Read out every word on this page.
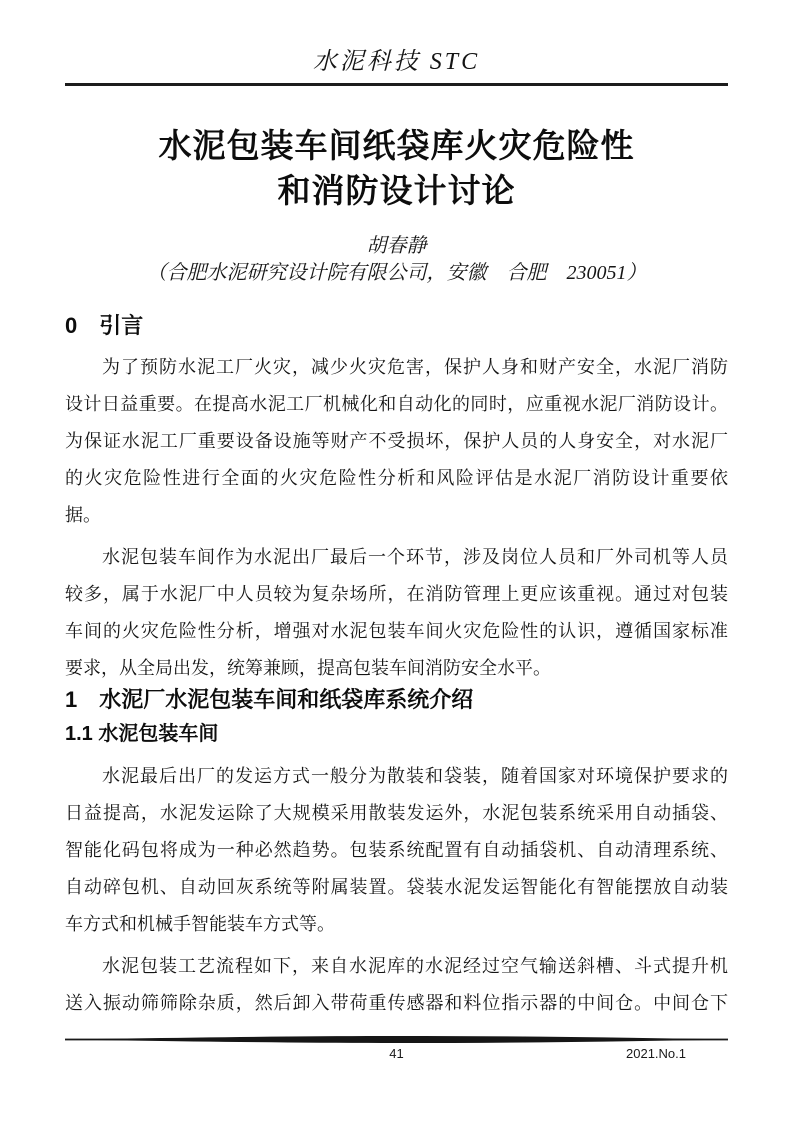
水泥科技 STC
水泥包装车间纸袋库火灾危险性
和消防设计讨论
胡春静
（合肥水泥研究设计院有限公司，安徽　合肥　230051）
0　引言
为了预防水泥工厂火灾，减少火灾危害，保护人身和财产安全，水泥厂消防
设计日益重要。在提高水泥工厂机械化和自动化的同时，应重视水泥厂消防设计。
为保证水泥工厂重要设备设施等财产不受损坏，保护人员的人身安全，对水泥厂
的火灾危险性进行全面的火灾危险性分析和风险评估是水泥厂消防设计重要依
据。
水泥包装车间作为水泥出厂最后一个环节，涉及岗位人员和厂外司机等人员
较多，属于水泥厂中人员较为复杂场所，在消防管理上更应该重视。通过对包装
车间的火灾危险性分析，增强对水泥包装车间火灾危险性的认识，遵循国家标准
要求，从全局出发，统筹兼顾，提高包装车间消防安全水平。
1　水泥厂水泥包装车间和纸袋库系统介绍
1.1 水泥包装车间
水泥最后出厂的发运方式一般分为散装和袋装，随着国家对环境保护要求的
日益提高，水泥发运除了大规模采用散装发运外，水泥包装系统采用自动插袋、
智能化码包将成为一种必然趋势。包装系统配置有自动插袋机、自动清理系统、
自动碎包机、自动回灰系统等附属装置。袋装水泥发运智能化有智能摆放自动装
车方式和机械手智能装车方式等。
水泥包装工艺流程如下，来自水泥库的水泥经过空气输送斜槽、斗式提升机
送入振动筛筛除杂质，然后卸入带荷重传感器和料位指示器的中间仓。中间仓下
41	2021.No.1
